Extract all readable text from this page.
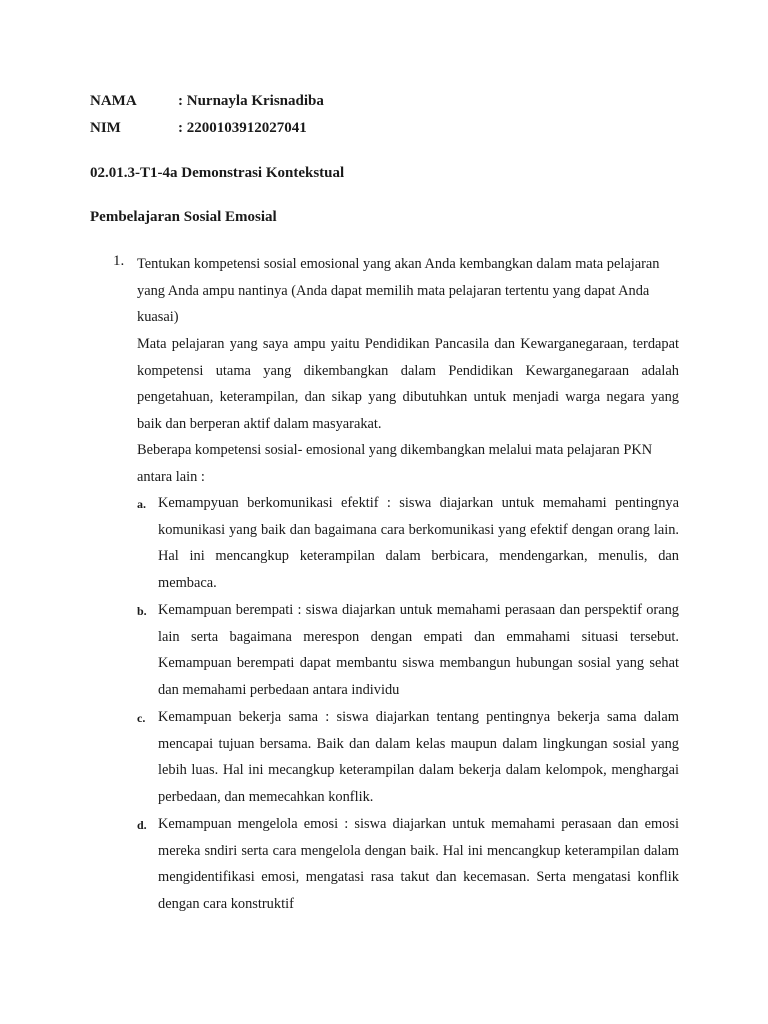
NAMA	: Nurnayla Krisnadiba
NIM	: 2200103912027041
02.01.3-T1-4a Demonstrasi Kontekstual
Pembelajaran Sosial Emosial
1. Tentukan kompetensi sosial emosional yang akan Anda kembangkan dalam mata pelajaran yang Anda ampu nantinya (Anda dapat memilih mata pelajaran tertentu yang dapat Anda kuasai)

Mata pelajaran yang saya ampu yaitu Pendidikan Pancasila dan Kewarganegaraan, terdapat kompetensi utama yang dikembangkan dalam Pendidikan Kewarganegaraan adalah pengetahuan, keterampilan, dan sikap yang dibutuhkan untuk menjadi warga negara yang baik dan berperan aktif dalam masyarakat.

Beberapa kompetensi sosial- emosional yang dikembangkan melalui mata pelajaran PKN antara lain :

a. Kemampyuan berkomunikasi efektif : siswa diajarkan untuk memahami pentingnya komunikasi yang baik dan bagaimana cara berkomunikasi yang efektif dengan orang lain. Hal ini mencangkup keterampilan dalam berbicara, mendengarkan, menulis, dan membaca.

b. Kemampuan berempati : siswa diajarkan untuk memahami perasaan dan perspektif orang lain serta bagaimana merespon dengan empati dan emmahami situasi tersebut. Kemampuan berempati dapat membantu siswa membangun hubungan sosial yang sehat dan memahami perbedaan antara individu

c. Kemampuan bekerja sama : siswa diajarkan tentang pentingnya bekerja sama dalam mencapai tujuan bersama. Baik dan dalam kelas maupun dalam lingkungan sosial yang lebih luas. Hal ini mecangkup keterampilan dalam bekerja dalam kelompok, menghargai perbedaan, dan memecahkan konflik.

d. Kemampuan mengelola emosi : siswa diajarkan untuk memahami perasaan dan emosi mereka sndiri serta cara mengelola dengan baik. Hal ini mencangkup keterampilan dalam mengidentifikasi emosi, mengatasi rasa takut dan kecemasan. Serta mengatasi konflik dengan cara konstruktif
